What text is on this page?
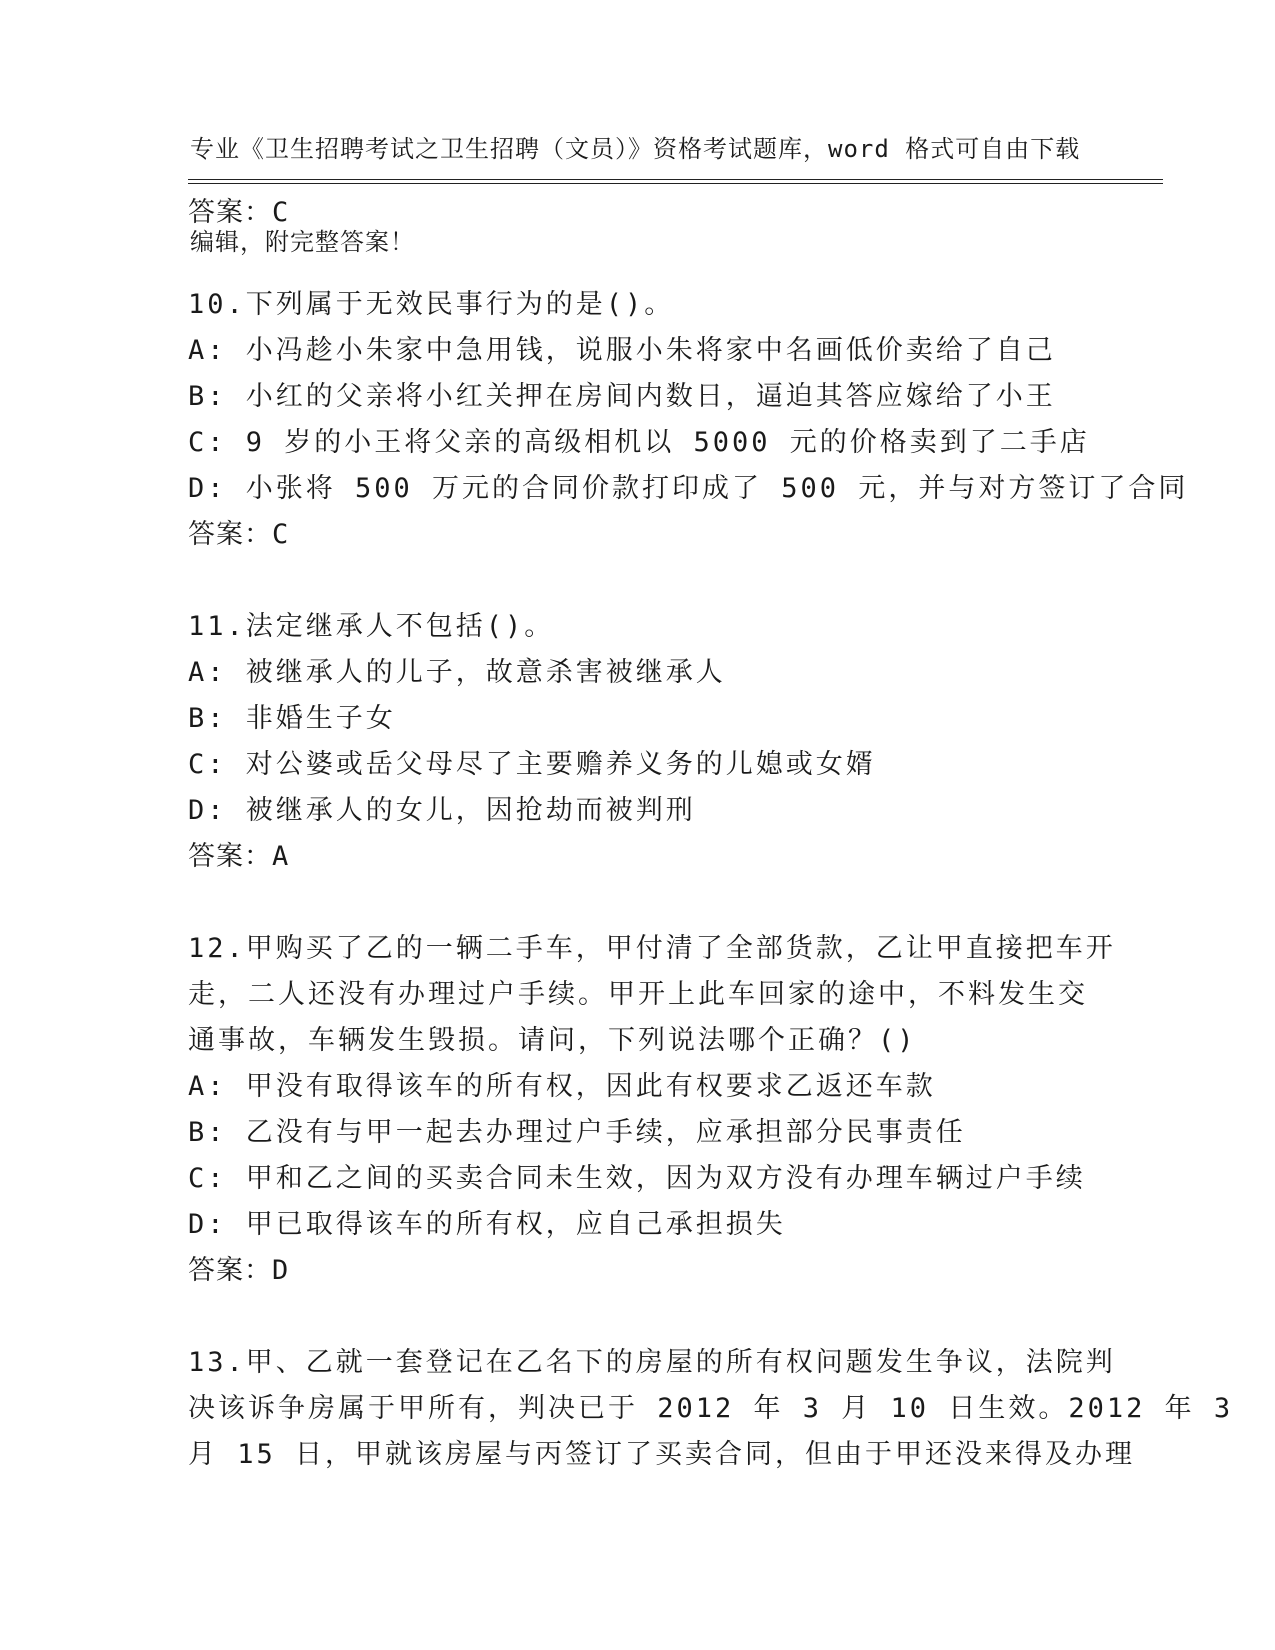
专业《卫生招聘考试之卫生招聘（文员）》资格考试题库，word 格式可自由下载

编辑，附完整答案！

答案：C
10.下列属于无效民事行为的是()。
A: 小冯趁小朱家中急用钱，说服小朱将家中名画低价卖给了自己
B: 小红的父亲将小红关押在房间内数日，逼迫其答应嫁给了小王
C: 9 岁的小王将父亲的高级相机以 5000 元的价格卖到了二手店
D: 小张将 500 万元的合同价款打印成了 500 元，并与对方签订了合同
答案：C
11.法定继承人不包括()。
A: 被继承人的儿子，故意杀害被继承人
B: 非婚生子女
C: 对公婆或岳父母尽了主要赡养义务的儿媳或女婿
D: 被继承人的女儿，因抢劫而被判刑
答案：A
12.甲购买了乙的一辆二手车，甲付清了全部货款，乙让甲直接把车开
走，二人还没有办理过户手续。甲开上此车回家的途中，不料发生交
通事故，车辆发生毁损。请问，下列说法哪个正确？()
A: 甲没有取得该车的所有权，因此有权要求乙返还车款
B: 乙没有与甲一起去办理过户手续，应承担部分民事责任
C: 甲和乙之间的买卖合同未生效，因为双方没有办理车辆过户手续
D: 甲已取得该车的所有权，应自己承担损失
答案：D
13.甲、乙就一套登记在乙名下的房屋的所有权问题发生争议，法院判
决该诉争房属于甲所有，判决已于 2012 年 3 月 10 日生效。2012 年 3
月 15 日，甲就该房屋与丙签订了买卖合同，但由于甲还没来得及办理
